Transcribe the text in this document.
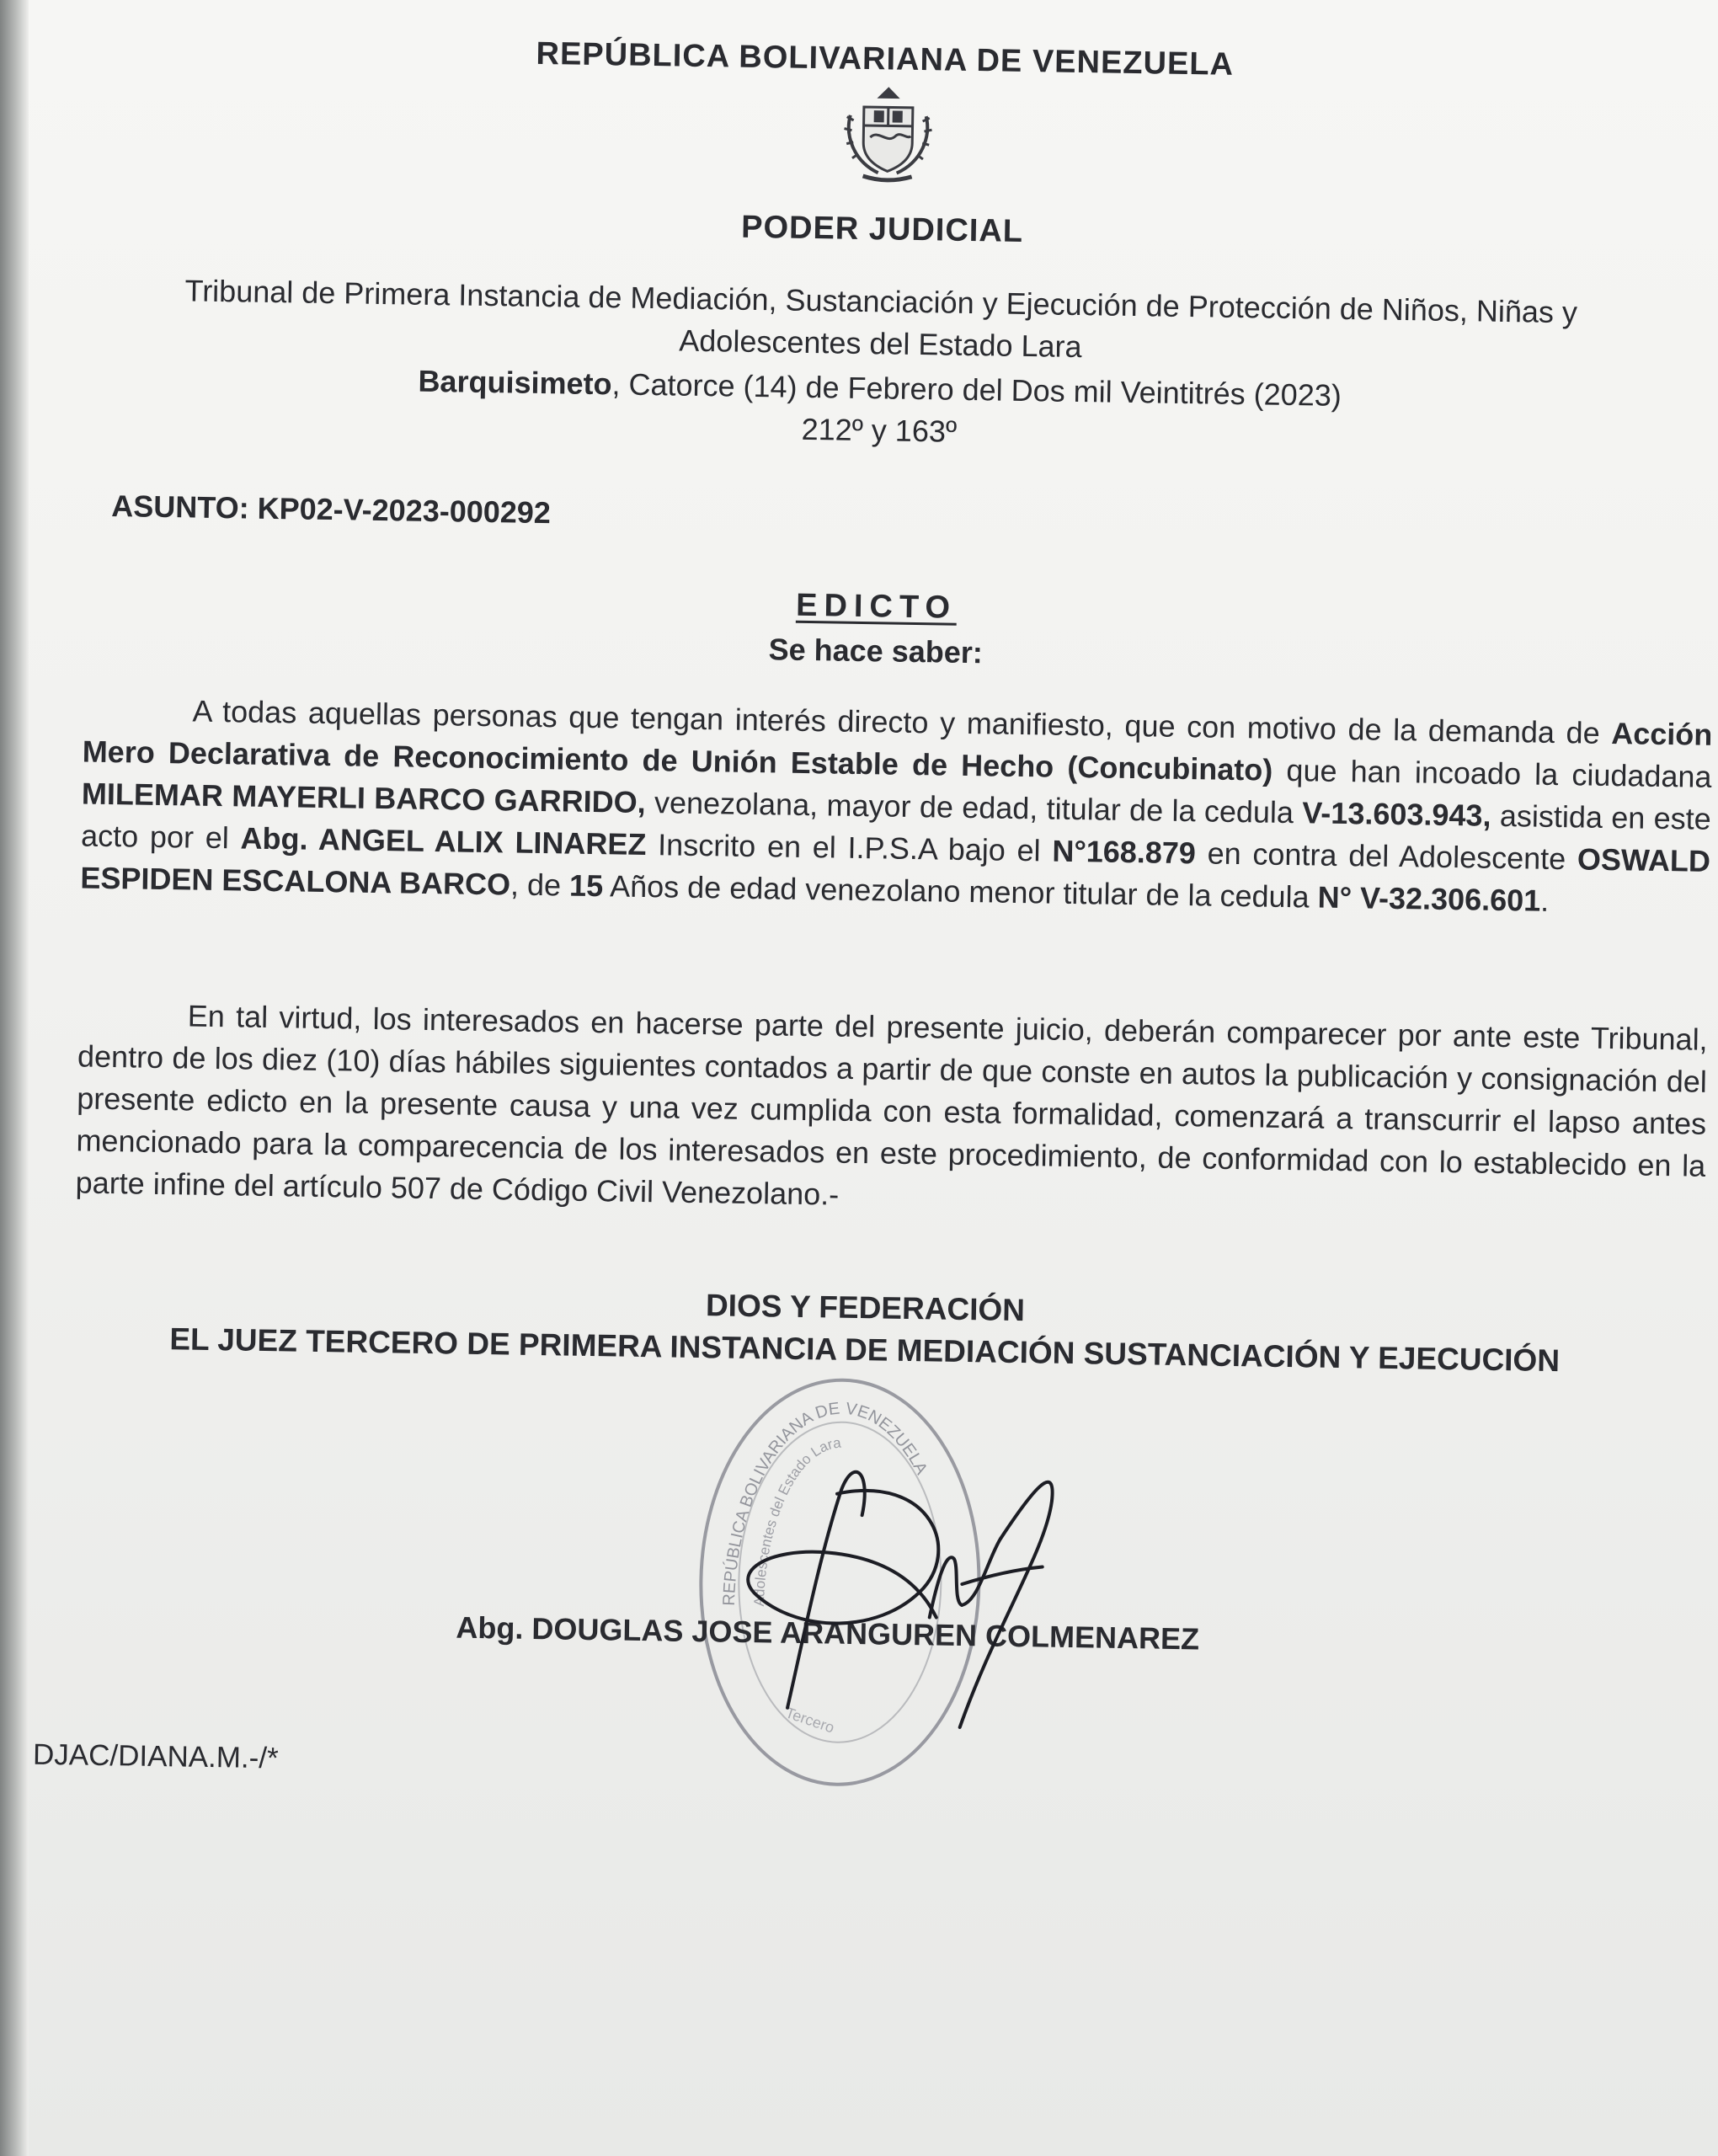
REPÚBLICA BOLIVARIANA DE VENEZUELA
PODER JUDICIAL
Tribunal de Primera Instancia de Mediación, Sustanciación y Ejecución de Protección de Niños, Niñas y
Adolescentes del Estado Lara
Barquisimeto, Catorce (14) de Febrero del Dos mil Veintitrés (2023)
212º y 163º
ASUNTO: KP02-V-2023-000292
EDICTO
Se hace saber:
A todas aquellas personas que tengan interés directo y manifiesto, que con motivo de la demanda de Acción Mero Declarativa de Reconocimiento de Unión Estable de Hecho (Concubinato) que han incoado la ciudadana MILEMAR MAYERLI BARCO GARRIDO, venezolana, mayor de edad, titular de la cedula V-13.603.943, asistida en este acto por el Abg. ANGEL ALIX LINAREZ Inscrito en el I.P.S.A bajo el N°168.879 en contra del Adolescente OSWALD ESPIDEN ESCALONA BARCO, de 15 Años de edad venezolano menor titular de la cedula N° V-32.306.601.
En tal virtud, los interesados en hacerse parte del presente juicio, deberán comparecer por ante este Tribunal, dentro de los diez (10) días hábiles siguientes contados a partir de que conste en autos la publicación y consignación del presente edicto en la presente causa y una vez cumplida con esta formalidad, comenzará a transcurrir el lapso antes mencionado para la comparecencia de los interesados en este procedimiento, de conformidad con lo establecido en la parte infine del artículo 507 de Código Civil Venezolano.-
DIOS Y FEDERACIÓN
EL JUEZ TERCERO DE PRIMERA INSTANCIA DE MEDIACIÓN SUSTANCIACIÓN Y EJECUCIÓN
REPÚBLICA BOLIVARIANA DE VENEZUELA
Adolescentes del Estado Lara
Tercero
Abg. DOUGLAS JOSE ARANGUREN COLMENAREZ
DJAC/DIANA.M.-/*
